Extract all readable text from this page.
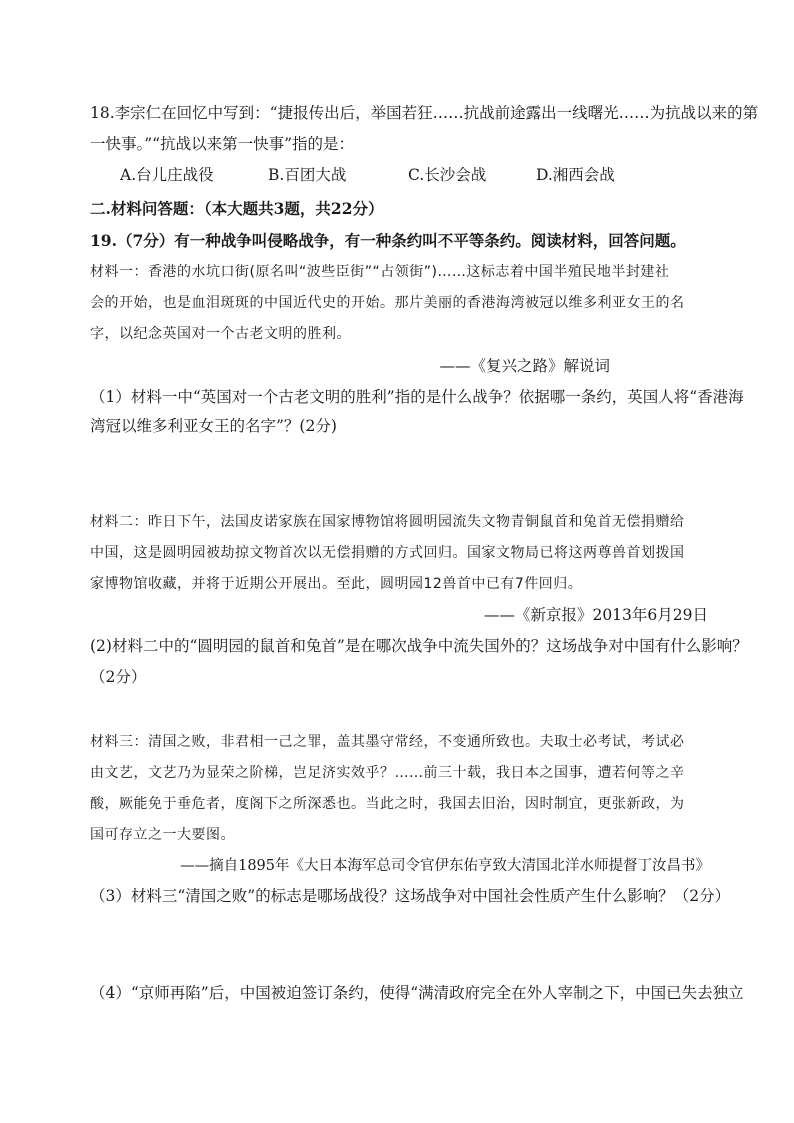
18.李宗仁在回忆中写到：“捷报传出后，举国若狂……抗战前途露出一线曙光……为抗战以来的第
一快事。”“抗战以来第一快事”指的是：
A.台儿庄战役	B.百团大战	C.长沙会战	D.湘西会战
二.材料问答题：（本大题共3题，共22分）
19.（7分）有一种战争叫侵略战争，有一种条约叫不平等条约。阅读材料，回答问题。
材料一：香港的水坑口街(原名叫“波些臣街”“占领街”)……这标志着中国半殖民地半封建社
会的开始，也是血泪斑斑的中国近代史的开始。那片美丽的香港海湾被冠以维多利亚女王的名
字，以纪念英国对一个古老文明的胜利。
——《复兴之路》解说词
（1）材料一中“英国对一个古老文明的胜利”指的是什么战争？依据哪一条约，英国人将“香港海
湾冠以维多利亚女王的名字”？(2分)
材料二：昨日下午，法国皮诺家族在国家博物馆将圆明园流失文物青铜鼠首和兔首无偿捐赠给
中国，这是圆明园被劫掠文物首次以无偿捐赠的方式回归。国家文物局已将这两尊兽首划拨国
家博物馆收藏，并将于近期公开展出。至此，圆明园12兽首中已有7件回归。
——《新京报》2013年6月29日
(2)材料二中的“圆明园的鼠首和兔首”是在哪次战争中流失国外的？这场战争对中国有什么影响？
（2分）
材料三：清国之败，非君相一己之罪，盖其墨守常经，不变通所致也。夫取士必考试，考试必
由文艺，文艺乃为显荣之阶梯，岂足济实效乎？……前三十载，我日本之国事，遭若何等之辛
酸，厥能免于垂危者，度阁下之所深悉也。当此之时，我国去旧治，因时制宜，更张新政，为
国可存立之一大要图。
——摘自1895年《大日本海军总司令官伊东佑亨致大清国北洋水师提督丁汝昌书》
（3）材料三“清国之败”的标志是哪场战役？这场战争对中国社会性质产生什么影响？（2分）
（4）“京师再陷”后，中国被迫签订条约，使得“满清政府完全在外人宰制之下，中国已失去独立
